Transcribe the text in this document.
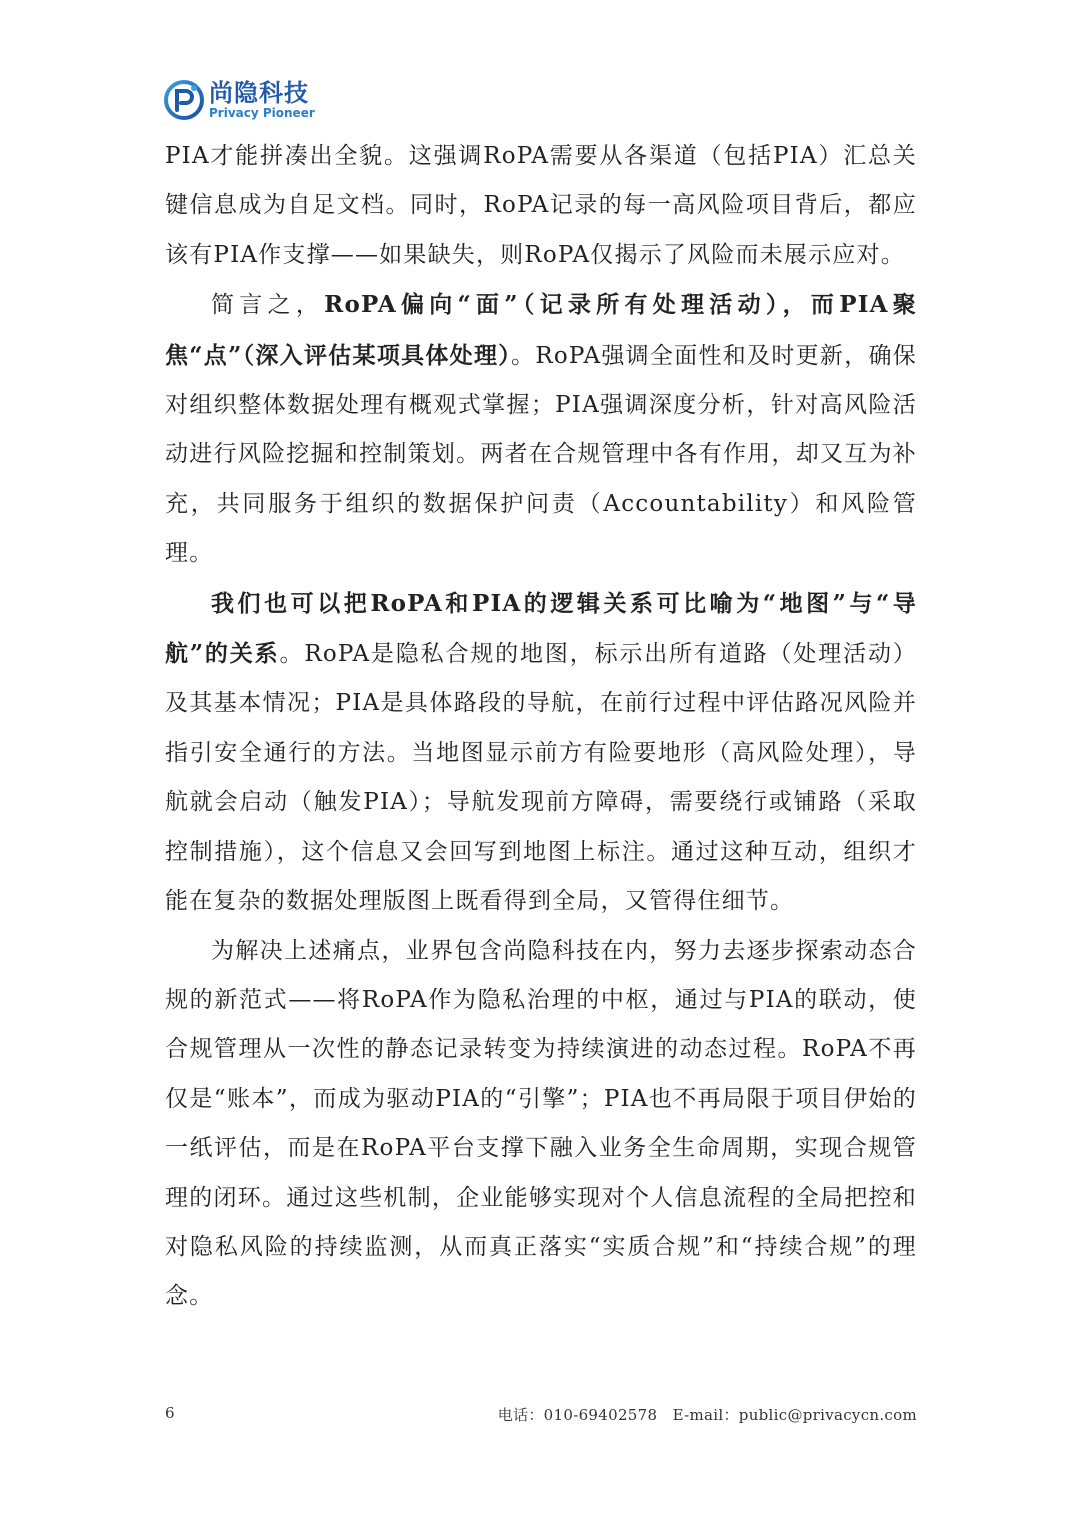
尚隐科技
Privacy Pioneer

PIA才能拼凑出全貌。这强调RoPA需要从各渠道（包括PIA）汇总关键信息成为自足文档。同时，RoPA记录的每一高风险项目背后，都应该有PIA作支撑——如果缺失，则RoPA仅揭示了风险而未展示应对。

简言之，RoPA偏向“面”（记录所有处理活动），而PIA聚焦“点”（深入评估某项具体处理）。RoPA强调全面性和及时更新，确保对组织整体数据处理有概观式掌握；PIA强调深度分析，针对高风险活动进行风险挖掘和控制策划。两者在合规管理中各有作用，却又互为补充，共同服务于组织的数据保护问责（Accountability）和风险管理。

我们也可以把RoPA和PIA的逻辑关系可比喻为“地图”与“导航”的关系。RoPA是隐私合规的地图，标示出所有道路（处理活动）及其基本情况；PIA是具体路段的导航，在前行过程中评估路况风险并指引安全通行的方法。当地图显示前方有险要地形（高风险处理），导航就会启动（触发PIA）；导航发现前方障碍，需要绕行或铺路（采取控制措施），这个信息又会回写到地图上标注。通过这种互动，组织才能在复杂的数据处理版图上既看得到全局，又管得住细节。

为解决上述痛点，业界包含尚隐科技在内，努力去逐步探索动态合规的新范式——将RoPA作为隐私治理的中枢，通过与PIA的联动，使合规管理从一次性的静态记录转变为持续演进的动态过程。RoPA不再仅是“账本”，而成为驱动PIA的“引擎”；PIA也不再局限于项目伊始的一纸评估，而是在RoPA平台支撑下融入业务全生命周期，实现合规管理的闭环。通过这些机制，企业能够实现对个人信息流程的全局把控和对隐私风险的持续监测，从而真正落实“实质合规”和“持续合规”的理念。

6	电话：010-69402578　E-mail：public@privacycn.com
